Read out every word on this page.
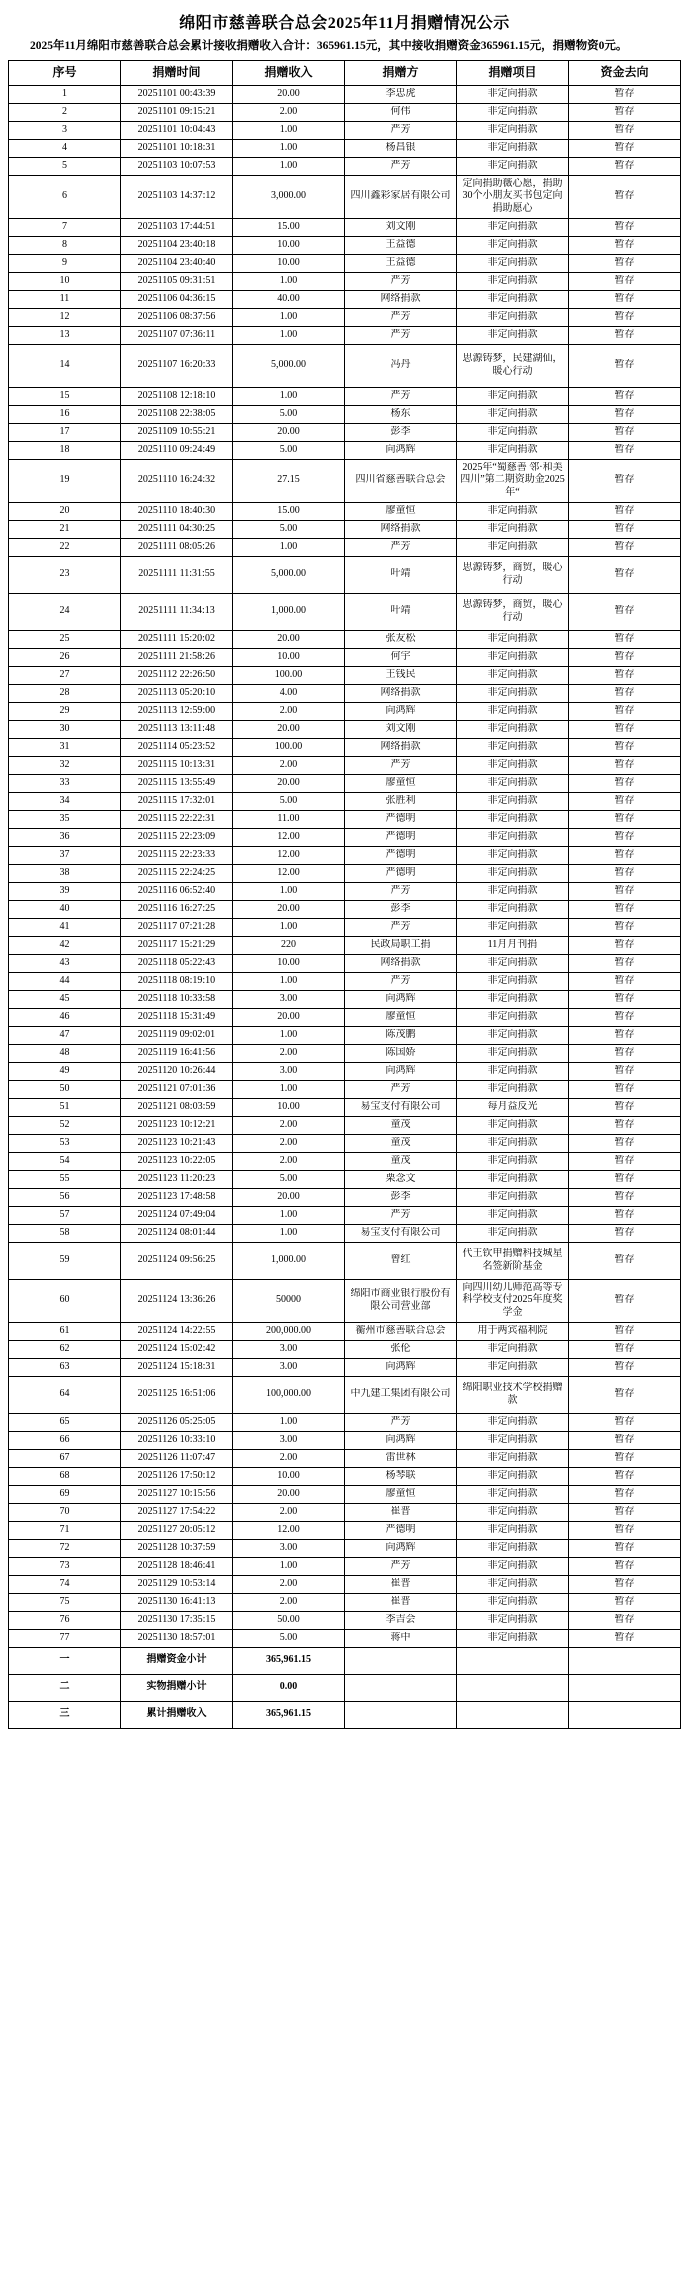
绵阳市慈善联合总会2025年11月捐赠情况公示
2025年11月绵阳市慈善联合总会累计接收捐赠收入合计：365961.15元，其中接收捐赠资金365961.15元，捐赠物资0元。
序号	捐赠时间	捐赠收入	捐赠方	捐赠项目	资金去向

1	20251101 00:43:39	20.00	李忠虎	非定向捐款	暂存

2	20251101 09:15:21	2.00	何伟	非定向捐款	暂存

3	20251101 10:04:43	1.00	严芳	非定向捐款	暂存

4	20251101 10:18:31	1.00	杨昌银	非定向捐款	暂存

5	20251103 10:07:53	1.00	严芳	非定向捐款	暂存

6	20251103 14:37:12	3,000.00	四川鑫彩家居有限公司	定向捐助薇心愿，捐助30个小朋友买书包定向捐助愿心	暂存

7	20251103 17:44:51	15.00	刘文刚	非定向捐款	暂存

8	20251104 23:40:18	10.00	王益德	非定向捐款	暂存

9	20251104 23:40:40	10.00	王益德	非定向捐款	暂存

10	20251105 09:31:51	1.00	严芳	非定向捐款	暂存

11	20251106 04:36:15	40.00	网络捐款	非定向捐款	暂存

12	20251106 08:37:56	1.00	严芳	非定向捐款	暂存

13	20251107 07:36:11	1.00	严芳	非定向捐款	暂存

14	20251107 16:20:33	5,000.00	冯丹	思源铸梦，民建湖仙，暖心行动	暂存

15	20251108 12:18:10	1.00	严芳	非定向捐款	暂存

16	20251108 22:38:05	5.00	杨东	非定向捐款	暂存

17	20251109 10:55:21	20.00	彭李	非定向捐款	暂存

18	20251110 09:24:49	5.00	向鸿辉	非定向捐款	暂存

19	20251110 16:24:32	27.15	四川省慈善联合总会	2025年“蜀慈善 邻·和美四川”第二期资助金2025年“	暂存

20	20251110 18:40:30	15.00	廖童恒	非定向捐款	暂存

21	20251111 04:30:25	5.00	网络捐款	非定向捐款	暂存

22	20251111 08:05:26	1.00	严芳	非定向捐款	暂存

23	20251111 11:31:55	5,000.00	叶靖	思源铸梦，商贸，暖心行动	暂存

24	20251111 11:34:13	1,000.00	叶靖	思源铸梦，商贸，暖心行动	暂存

25	20251111 15:20:02	20.00	张友松	非定向捐款	暂存

26	20251111 21:58:26	10.00	何宇	非定向捐款	暂存

27	20251112 22:26:50	100.00	王钱民	非定向捐款	暂存

28	20251113 05:20:10	4.00	网络捐款	非定向捐款	暂存

29	20251113 12:59:00	2.00	向鸿辉	非定向捐款	暂存

30	20251113 13:11:48	20.00	刘文刚	非定向捐款	暂存

31	20251114 05:23:52	100.00	网络捐款	非定向捐款	暂存

32	20251115 10:13:31	2.00	严芳	非定向捐款	暂存

33	20251115 13:55:49	20.00	廖童恒	非定向捐款	暂存

34	20251115 17:32:01	5.00	张胜利	非定向捐款	暂存

35	20251115 22:22:31	11.00	严德明	非定向捐款	暂存

36	20251115 22:23:09	12.00	严德明	非定向捐款	暂存

37	20251115 22:23:33	12.00	严德明	非定向捐款	暂存

38	20251115 22:24:25	12.00	严德明	非定向捐款	暂存

39	20251116 06:52:40	1.00	严芳	非定向捐款	暂存

40	20251116 16:27:25	20.00	彭李	非定向捐款	暂存

41	20251117 07:21:28	1.00	严芳	非定向捐款	暂存

42	20251117 15:21:29	220	民政局职工捐	11月月刊捐	暂存

43	20251118 05:22:43	10.00	网络捐款	非定向捐款	暂存

44	20251118 08:19:10	1.00	严芳	非定向捐款	暂存

45	20251118 10:33:58	3.00	向鸿辉	非定向捐款	暂存

46	20251118 15:31:49	20.00	廖童恒	非定向捐款	暂存

47	20251119 09:02:01	1.00	陈茂鹏	非定向捐款	暂存

48	20251119 16:41:56	2.00	陈国娇	非定向捐款	暂存

49	20251120 10:26:44	3.00	向鸿辉	非定向捐款	暂存

50	20251121 07:01:36	1.00	严芳	非定向捐款	暂存

51	20251121 08:03:59	10.00	易宝支付有限公司	每月益反光	暂存

52	20251123 10:12:21	2.00	童茂	非定向捐款	暂存

53	20251123 10:21:43	2.00	童茂	非定向捐款	暂存

54	20251123 10:22:05	2.00	童茂	非定向捐款	暂存

55	20251123 11:20:23	5.00	栗念文	非定向捐款	暂存

56	20251123 17:48:58	20.00	彭李	非定向捐款	暂存

57	20251124 07:49:04	1.00	严芳	非定向捐款	暂存

58	20251124 08:01:44	1.00	易宝支付有限公司	非定向捐款	暂存

59	20251124 09:56:25	1,000.00	曾红	代王钦甲捐赠科技城星名签新阶基金	暂存

60	20251124 13:36:26	50000	绵阳市商业银行股份有限公司营业部	向四川幼儿师范高等专科学校支付2025年度奖学金	暂存

61	20251124 14:22:55	200,000.00	蘅州市慈善联合总会	用于两宾福利院	暂存

62	20251124 15:02:42	3.00	张伦	非定向捐款	暂存

63	20251124 15:18:31	3.00	向鸿辉	非定向捐款	暂存

64	20251125 16:51:06	100,000.00	中九建工集团有限公司	绵阳职业技术学校捐赠款	暂存

65	20251126 05:25:05	1.00	严芳	非定向捐款	暂存

66	20251126 10:33:10	3.00	向鸿辉	非定向捐款	暂存

67	20251126 11:07:47	2.00	雷世林	非定向捐款	暂存

68	20251126 17:50:12	10.00	杨琴联	非定向捐款	暂存

69	20251127 10:15:56	20.00	廖童恒	非定向捐款	暂存

70	20251127 17:54:22	2.00	崔普	非定向捐款	暂存

71	20251127 20:05:12	12.00	严德明	非定向捐款	暂存

72	20251128 10:37:59	3.00	向鸿辉	非定向捐款	暂存

73	20251128 18:46:41	1.00	严芳	非定向捐款	暂存

74	20251129 10:53:14	2.00	崔普	非定向捐款	暂存

75	20251130 16:41:13	2.00	崔普	非定向捐款	暂存

76	20251130 17:35:15	50.00	李吉会	非定向捐款	暂存

77	20251130 18:57:01	5.00	蒋中	非定向捐款	暂存

一	捐赠资金小计	365,961.15			
二	实物捐赠小计	0.00			
三	累计捐赠收入	365,961.15			
